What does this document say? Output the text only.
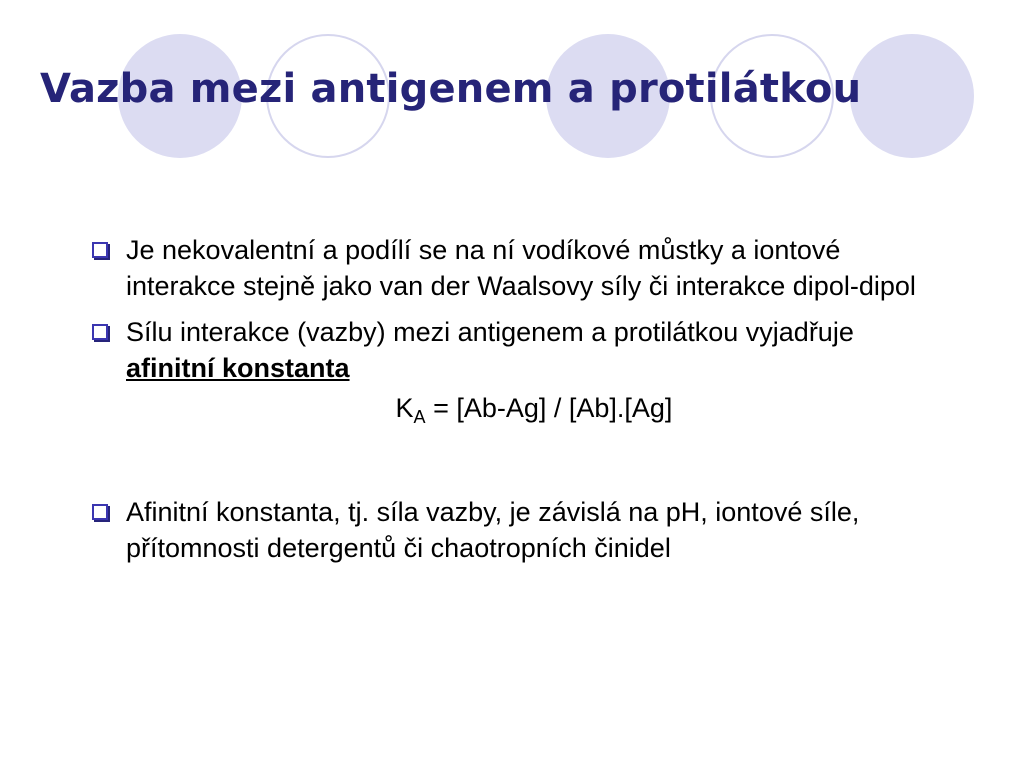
Vazba mezi antigenem a protilátkou
Je nekovalentní a podílí se na ní vodíkové můstky a iontové interakce stejně jako van der Waalsovy síly či interakce dipol-dipol
Sílu interakce (vazby) mezi antigenem a protilátkou vyjadřuje afinitní konstanta
$K_A = [Ab-Ag] / [Ab].[Ag]$
Afinitní konstanta, tj. síla vazby, je závislá na pH, iontové síle, přítomnosti detergentů či chaotropních činidel
